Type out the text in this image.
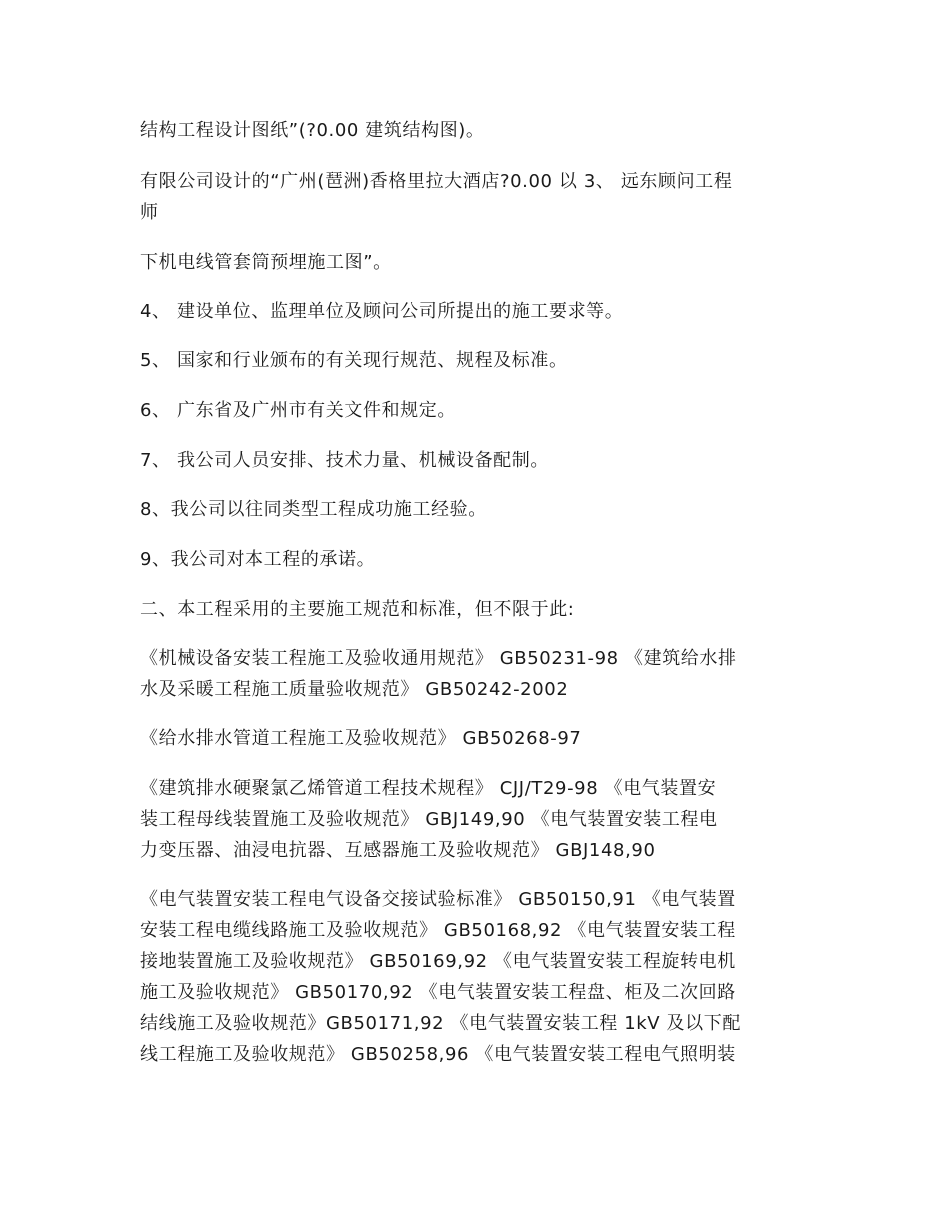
结构工程设计图纸”(?0.00 建筑结构图)。
有限公司设计的“广州(琶洲)香格里拉大酒店?0.00 以 3、 远东顾问工程
师
下机电线管套筒预埋施工图”。
4、 建设单位、监理单位及顾问公司所提出的施工要求等。
5、 国家和行业颁布的有关现行规范、规程及标准。
6、 广东省及广州市有关文件和规定。
7、 我公司人员安排、技术力量、机械设备配制。
8、我公司以往同类型工程成功施工经验。
9、我公司对本工程的承诺。
二、本工程采用的主要施工规范和标准，但不限于此:
《机械设备安装工程施工及验收通用规范》 GB50231-98 《建筑给水排
水及采暖工程施工质量验收规范》 GB50242-2002
《给水排水管道工程施工及验收规范》 GB50268-97
《建筑排水硬聚氯乙烯管道工程技术规程》 CJJ/T29-98 《电气装置安
装工程母线装置施工及验收规范》 GBJ149,90 《电气装置安装工程电
力变压器、油浸电抗器、互感器施工及验收规范》 GBJ148,90
《电气装置安装工程电气设备交接试验标准》 GB50150,91 《电气装置
安装工程电缆线路施工及验收规范》 GB50168,92 《电气装置安装工程
接地装置施工及验收规范》 GB50169,92 《电气装置安装工程旋转电机
施工及验收规范》 GB50170,92 《电气装置安装工程盘、柜及二次回路
结线施工及验收规范》GB50171,92 《电气装置安装工程 1kV 及以下配
线工程施工及验收规范》 GB50258,96 《电气装置安装工程电气照明装
